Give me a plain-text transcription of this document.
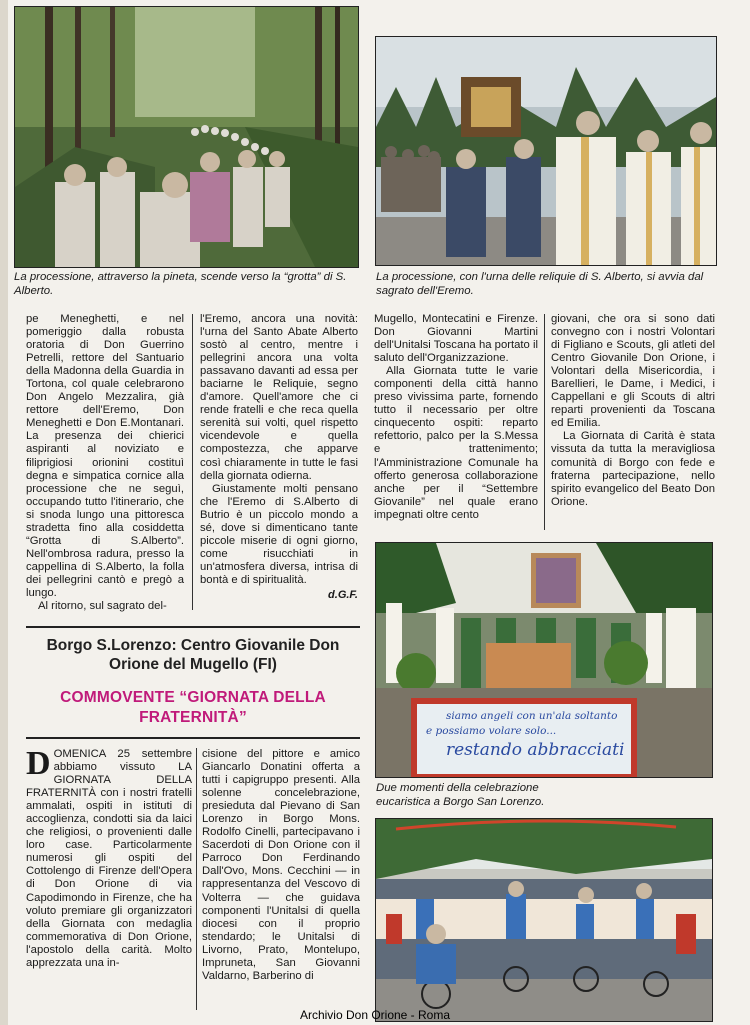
La processione, attraverso la pineta, scende verso la “grotta” di S. Alberto.
La processione, con l'urna delle reliquie di S. Alberto, si avvia dal sagrato dell'Eremo.

pe Meneghetti, e nel pomeriggio dalla robusta oratoria di Don Guerrino Petrelli, rettore del Santuario della Madonna della Guardia in Tortona, col quale celebrarono Don Angelo Mezzalira, già rettore dell'Eremo, Don Meneghetti e Don E.Montanari. La presenza dei chierici aspiranti al noviziato e filiprigiosi orionini costituì degna e simpatica cornice alla processione che ne seguì, occupando tutto l'itinerario, che si snoda lungo una pittoresca stradetta fino alla cosiddetta “Grotta di S.Alberto”. Nell'ombrosa radura, presso la cappellina di S.Alberto, la folla dei pellegrini cantò e pregò a lungo.

Al ritorno, sul sagrato del-

l'Eremo, ancora una novità: l'urna del Santo Abate Alberto sostò al centro, mentre i pellegrini ancora una volta passavano davanti ad essa per baciarne le Reliquie, segno d'amore. Quell'amore che ci rende fratelli e che reca quella serenità sui volti, quel rispetto vicendevole e quella compostezza, che apparve così chiaramente in tutte le fasi della giornata odierna.

Giustamente molti pensano che l'Eremo di S.Alberto di Butrio è un piccolo mondo a sé, dove si dimenticano tante piccole miserie di ogni giorno, come risucchiati in un'atmosfera diversa, intrisa di bontà e di spiritualità.

d.G.F.
Borgo S.Lorenzo: Centro Giovanile Don Orione del Mugello (FI)
COMMOVENTE “GIORNATA DELLA FRATERNITÀ”

DOMENICA 25 settembre abbiamo vissuto LA GIORNATA DELLA FRATERNITÀ con i nostri fratelli ammalati, ospiti in istituti di accoglienza, condotti sia da laici che religiosi, o provenienti dalle loro case. Particolarmente numerosi gli ospiti del Cottolengo di Firenze dell'Opera di Don Orione di via Capodimondo in Firenze, che ha voluto premiare gli organizzatori della Giornata con medaglia commemorativa di Don Orione, l'apostolo della carità. Molto apprezzata una in-

cisione del pittore e amico Giancarlo Donatini offerta a tutti i capigruppo presenti. Alla solenne concelebrazione, presieduta dal Pievano di San Lorenzo in Borgo Mons. Rodolfo Cinelli, partecipavano i Sacerdoti di Don Orione con il Parroco Don Ferdinando Dall'Ovo, Mons. Cecchini — in rappresentanza del Vescovo di Volterra — che guidava componenti l'Unitalsi di quella diocesi con il proprio stendardo; le Unitalsi di Livorno, Prato, Montelupo, Impruneta, San Giovanni Valdarno, Barberino di

Mugello, Montecatini e Firenze. Don Giovanni Martini dell'Unitalsi Toscana ha portato il saluto dell'Organizzazione.

Alla Giornata tutte le varie componenti della città hanno preso vivissima parte, fornendo tutto il necessario per oltre cinquecento ospiti: reparto refettorio, palco per la S.Messa e trattenimento; l'Amministrazione Comunale ha offerto generosa collaborazione anche per il “Settembre Giovanile” nel quale erano impegnati oltre cento

giovani, che ora si sono dati convegno con i nostri Volontari di Figliano e Scouts, gli atleti del Centro Giovanile Don Orione, i Volontari della Misericordia, i Barellieri, le Dame, i Medici, i Cappellani e gli Scouts di altri reparti provenienti da Toscana ed Emilia.

La Giornata di Carità è stata vissuta da tutta la meravigliosa comunità di Borgo con fede e fraterna partecipazione, nello spirito evangelico del Beato Don Orione.

siamo angeli con un'ala soltanto
e possiamo volare solo...
restando abbracciati
Due momenti della celebrazione eucaristica a Borgo San Lorenzo.
Archivio Don Orione - Roma
